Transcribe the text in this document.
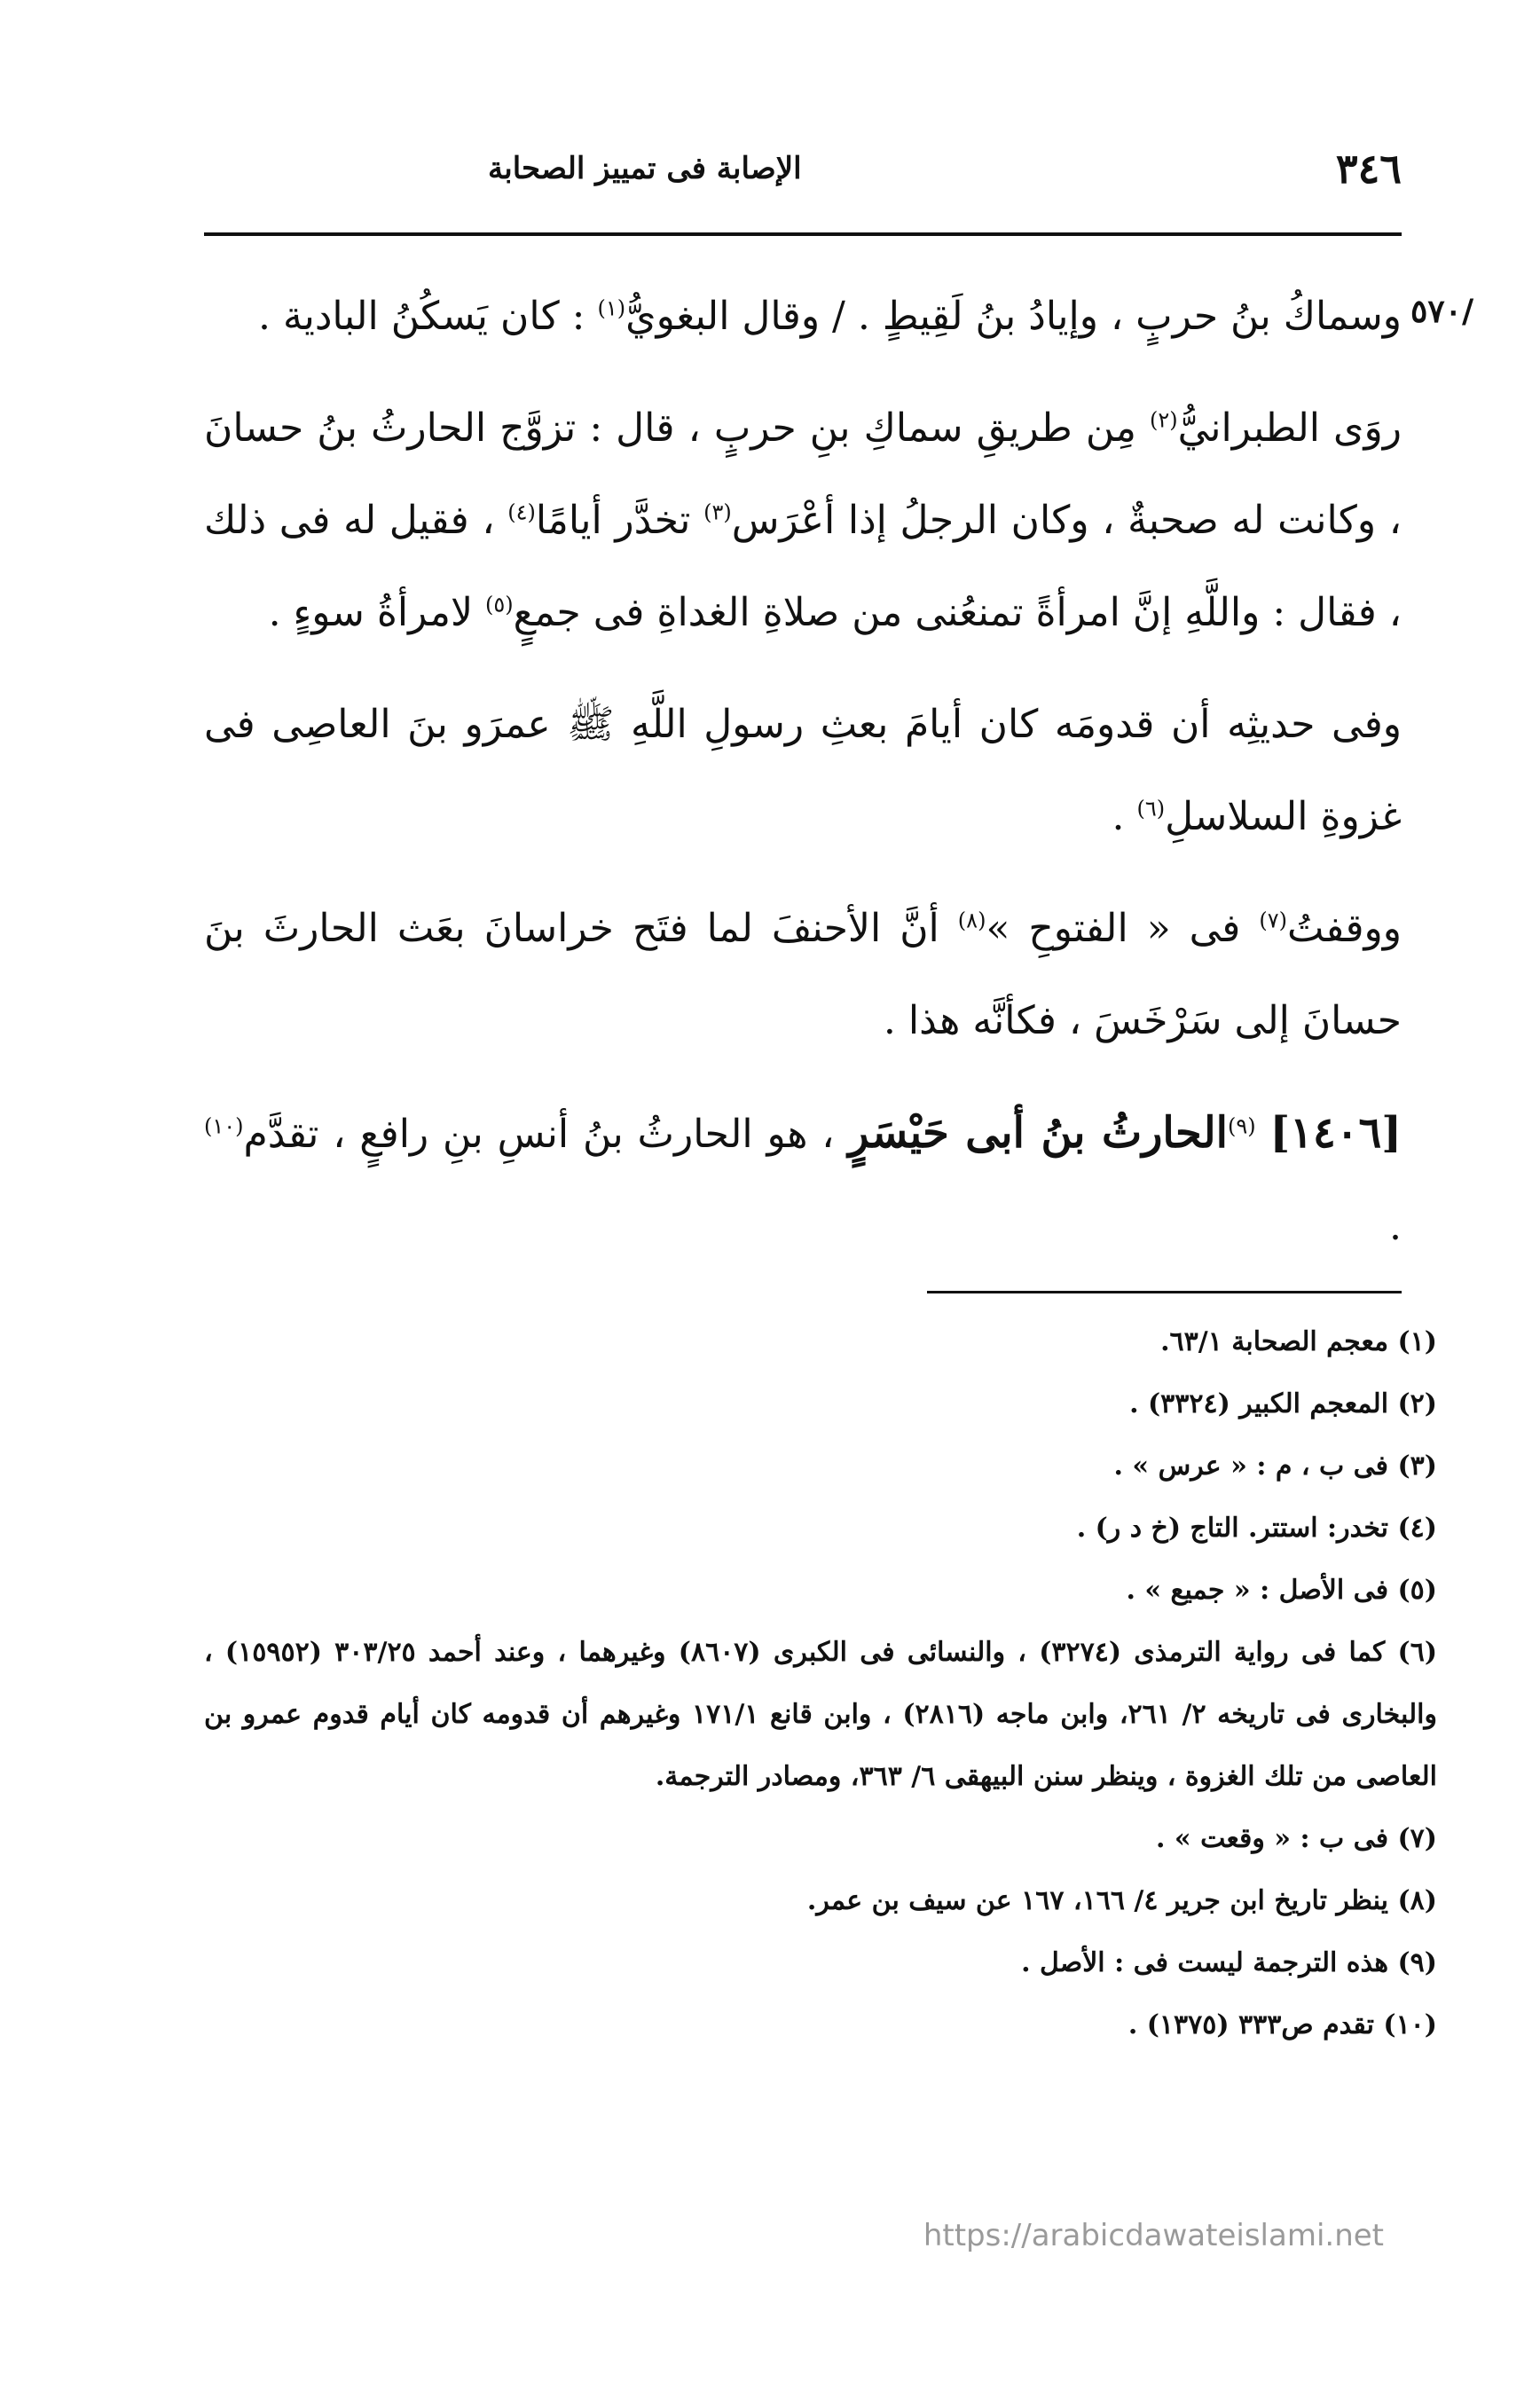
٣٤٦
الإصابة فى تمييز الصحابة
٥٧٠/

وسماكُ بنُ حربٍ ، وإيادُ بنُ لَقِيطٍ . / وقال البغويُّ$^{(١)}$ : كان يَسكُنُ البادية .

روَى الطبرانيُّ$^{(٢)}$ مِن طريقِ سماكِ بنِ حربٍ ، قال : تزوَّج الحارثُ بنُ حسانَ ، وكانت له صحبةٌ ، وكان الرجلُ إذا أعْرَس$^{(٣)}$ تخدَّر أيامًا$^{(٤)}$ ، فقيل له فى ذلك ، فقال : واللَّهِ إنَّ امرأةً تمنعُنى من صلاةِ الغداةِ فى جمعٍ$^{(٥)}$ لامرأةُ سوءٍ .

وفى حديثِه أن قدومَه كان أيامَ بعثِ رسولِ اللَّهِ ﷺ عمرَو بنَ العاصِى فى غزوةِ السلاسلِ$^{(٦)}$ .

ووقفتُ$^{(٧)}$ فى « الفتوحِ »$^{(٨)}$ أنَّ الأحنفَ لما فتَح خراسانَ بعَث الحارثَ بنَ حسانَ إلى سَرْخَسَ ، فكأنَّه هذا .

[١٤٠٦] $^{(٩)}$الحارثُ بنُ أبى حَيْسَرٍ ، هو الحارثُ بنُ أنسِ بنِ رافعٍ ، تقدَّم$^{(١٠)}$ .

(١) معجم الصحابة ٦٣/١.

(٢) المعجم الكبير (٣٣٢٤) .

(٣) فى ب ، م : « عرس » .

(٤) تخدر: استتر. التاج (خ د ر) .

(٥) فى الأصل : « جميع » .

(٦) كما فى رواية الترمذى (٣٢٧٤) ، والنسائى فى الكبرى (٨٦٠٧) وغيرهما ، وعند أحمد ٣٠٣/٢٥ (١٥٩٥٢) ، والبخارى فى تاريخه ٢/ ٢٦١، وابن ماجه (٢٨١٦) ، وابن قانع ١٧١/١ وغيرهم أن قدومه كان أيام قدوم عمرو بن العاصى من تلك الغزوة ، وينظر سنن البيهقى ٦/ ٣٦٣، ومصادر الترجمة.

(٧) فى ب : « وقعت » .

(٨) ينظر تاريخ ابن جرير ٤/ ١٦٦، ١٦٧ عن سيف بن عمر.

(٩) هذه الترجمة ليست فى : الأصل .

(١٠) تقدم ص٣٣٣ (١٣٧٥) .

https://arabicdawateislami.net
